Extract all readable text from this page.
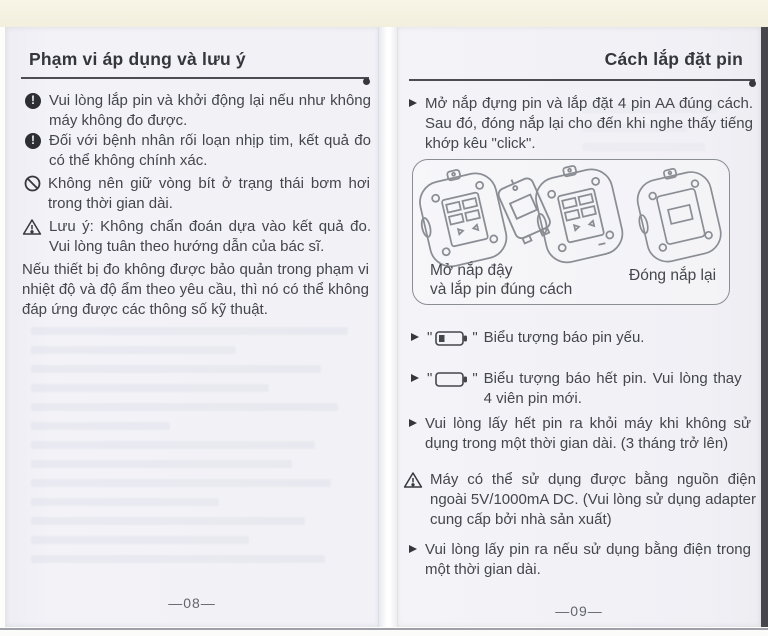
Phạm vi áp dụng và lưu ý
!
Vui lòng lắp pin và khởi động lại nếu như không máy không đo được.
!
Đối với bệnh nhân rối loạn nhịp tim, kết quả đo có thể không chính xác.
Không nên giữ vòng bít ở trạng thái bơm hơi trong thời gian dài.
Lưu ý: Không chẩn đoán dựa vào kết quả đo. Vui lòng tuân theo hướng dẫn của bác sĩ.
Nếu thiết bị đo không được bảo quản trong phạm vi nhiệt độ và độ ẩm theo yêu cầu, thì nó có thể không đáp ứng được các thông số kỹ thuật.
—08—
Cách lắp đặt pin
Mở nắp đựng pin và lắp đặt 4 pin AA đúng cách. Sau đó, đóng nắp lại cho đến khi nghe thấy tiếng khớp kêu "click".
Mở nắp đậy
và lắp pin đúng cách
Đóng nắp lại
"	" Biểu tượng báo pin yếu.
"	" Biểu tượng báo hết pin. Vui lòng thay 4 viên pin mới.
Vui lòng lấy hết pin ra khỏi máy khi không sử dụng trong một thời gian dài. (3 tháng trở lên)
Máy có thể sử dụng được bằng nguồn điện ngoài 5V/1000mA DC. (Vui lòng sử dụng adapter cung cấp bởi nhà sản xuất)
Vui lòng lấy pin ra nếu sử dụng bằng điện trong một thời gian dài.
—09—
